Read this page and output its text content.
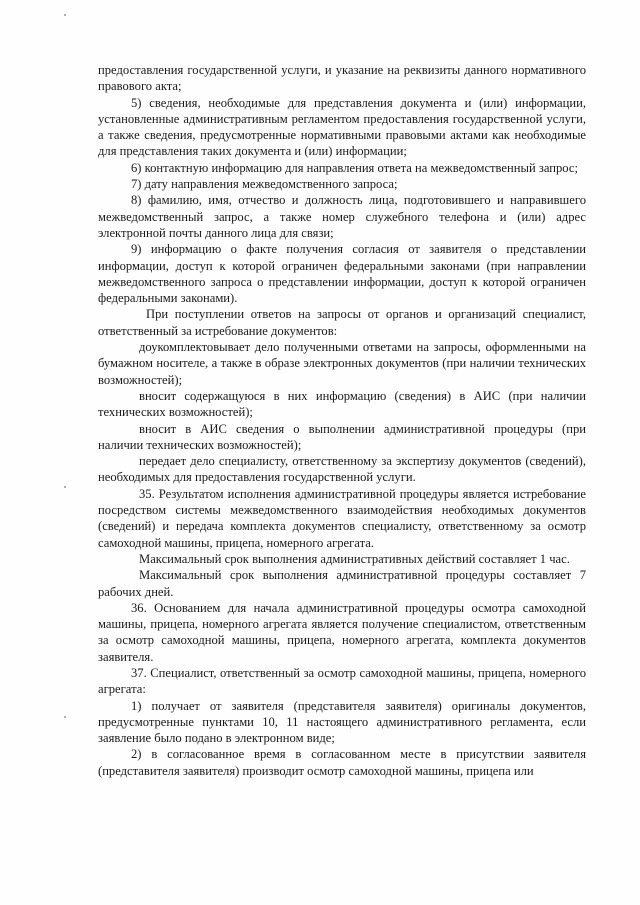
предоставления государственной услуги, и указание на реквизиты данного нормативного правового акта;

5) сведения, необходимые для представления документа и (или) информации, установленные административным регламентом предоставления государственной услуги, а также сведения, предусмотренные нормативными правовыми актами как необходимые для представления таких документа и (или) информации;

6) контактную информацию для направления ответа на межведомственный запрос;

7) дату направления межведомственного запроса;

8) фамилию, имя, отчество и должность лица, подготовившего и направившего межведомственный запрос, а также номер служебного телефона и (или) адрес электронной почты данного лица для связи;

9) информацию о факте получения согласия от заявителя о представлении информации, доступ к которой ограничен федеральными законами (при направлении межведомственного запроса о представлении информации, доступ к которой ограничен федеральными законами).

При поступлении ответов на запросы от органов и организаций специалист, ответственный за истребование документов:

доукомплектовывает дело полученными ответами на запросы, оформленными на бумажном носителе, а также в образе электронных документов (при наличии технических возможностей);

вносит содержащуюся в них информацию (сведения) в АИС (при наличии технических возможностей);

вносит в АИС сведения о выполнении административной процедуры (при наличии технических возможностей);

передает дело специалисту, ответственному за экспертизу документов (сведений), необходимых для предоставления государственной услуги.

35. Результатом исполнения административной процедуры является истребование посредством системы межведомственного взаимодействия необходимых документов (сведений) и передача комплекта документов специалисту, ответственному за осмотр самоходной машины, прицепа, номерного агрегата.

Максимальный срок выполнения административных действий составляет 1 час.

Максимальный срок выполнения административной процедуры составляет 7 рабочих дней.

36. Основанием для начала административной процедуры осмотра самоходной машины, прицепа, номерного агрегата является получение специалистом, ответственным за осмотр самоходной машины, прицепа, номерного агрегата, комплекта документов заявителя.

37. Специалист, ответственный за осмотр самоходной машины, прицепа, номерного агрегата:

1) получает от заявителя (представителя заявителя) оригиналы документов, предусмотренные пунктами 10, 11 настоящего административного регламента, если заявление было подано в электронном виде;

2) в согласованное время в согласованном месте в присутствии заявителя (представителя заявителя) производит осмотр самоходной машины, прицепа или
